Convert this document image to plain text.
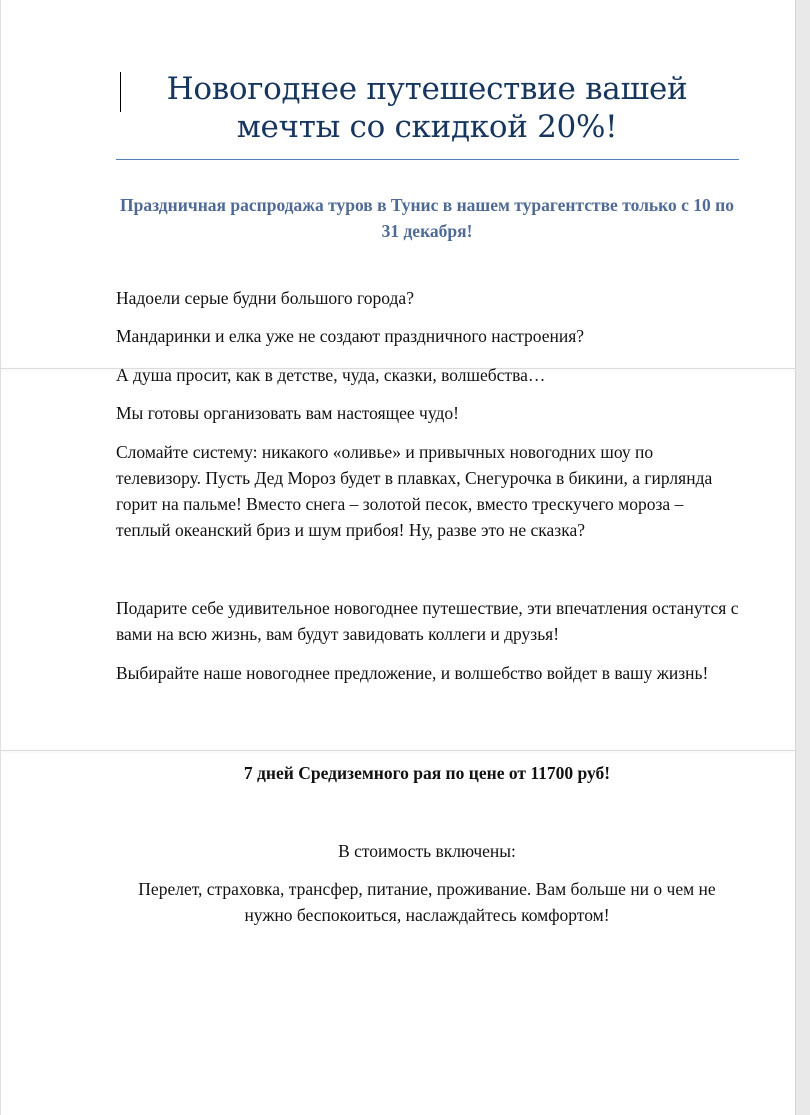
Новогоднее путешествие вашей мечты со скидкой 20%!

Праздничная распродажа туров в Тунис в нашем турагентстве только с 10 по 31 декабря!

Надоели серые будни большого города?

Мандаринки и елка уже не создают праздничного настроения?

А душа просит, как в детстве, чуда, сказки, волшебства…

Мы готовы организовать вам настоящее чудо!

Сломайте систему: никакого «оливье» и привычных новогодних шоу по телевизору. Пусть Дед Мороз будет в плавках, Снегурочка в бикини, а гирлянда горит на пальме! Вместо снега – золотой песок, вместо трескучего мороза – теплый океанский бриз и шум прибоя! Ну, разве это не сказка?

Подарите себе удивительное новогоднее путешествие, эти впечатления останутся с вами на всю жизнь, вам будут завидовать коллеги и друзья!

Выбирайте наше новогоднее предложение, и волшебство войдет в вашу жизнь!

7 дней Средиземного рая по цене от 11700 руб!

В стоимость включены:

Перелет, страховка, трансфер, питание, проживание. Вам больше ни о чем не нужно беспокоиться, наслаждайтесь комфортом!
